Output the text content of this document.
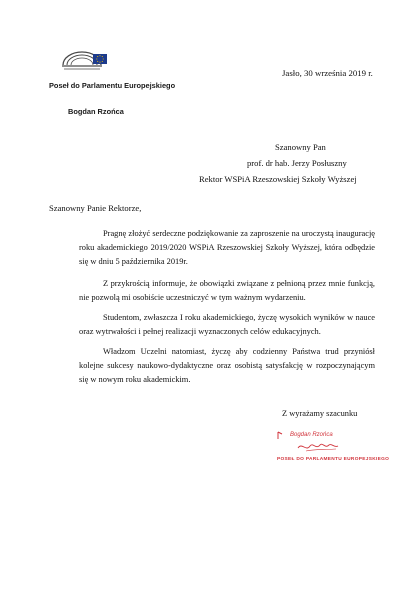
Poseł do Parlamentu Europejskiego
Bogdan Rzońca
Jasło, 30 września 2019 r.
Szanowny Pan
prof. dr hab. Jerzy Posłuszny
Rektor WSPiA Rzeszowskiej Szkoły Wyższej
Szanowny Panie Rektorze,

Pragnę złożyć serdeczne podziękowanie za zaproszenie na uroczystą inaugurację roku akademickiego 2019/2020 WSPiA Rzeszowskiej Szkoły Wyższej, która odbędzie się w dniu 5 października 2019r.

Z przykrością informuje, że obowiązki związane z pełnioną przez mnie funkcją, nie pozwolą mi osobiście uczestniczyć w tym ważnym wydarzeniu.

Studentom, zwłaszcza I roku akademickiego, życzę wysokich wyników w nauce oraz wytrwałości i pełnej realizacji wyznaczonych celów edukacyjnych.

Władzom Uczelni natomiast, życzę aby codzienny Państwa trud przyniósł kolejne sukcesy naukowo-dydaktyczne oraz osobistą satysfakcję w rozpoczynającym się w nowym roku akademickim.

Z wyrażamy szacunku
Bogdan Rzońca
POSEŁ DO PARLAMENTU EUROPEJSKIEGO
